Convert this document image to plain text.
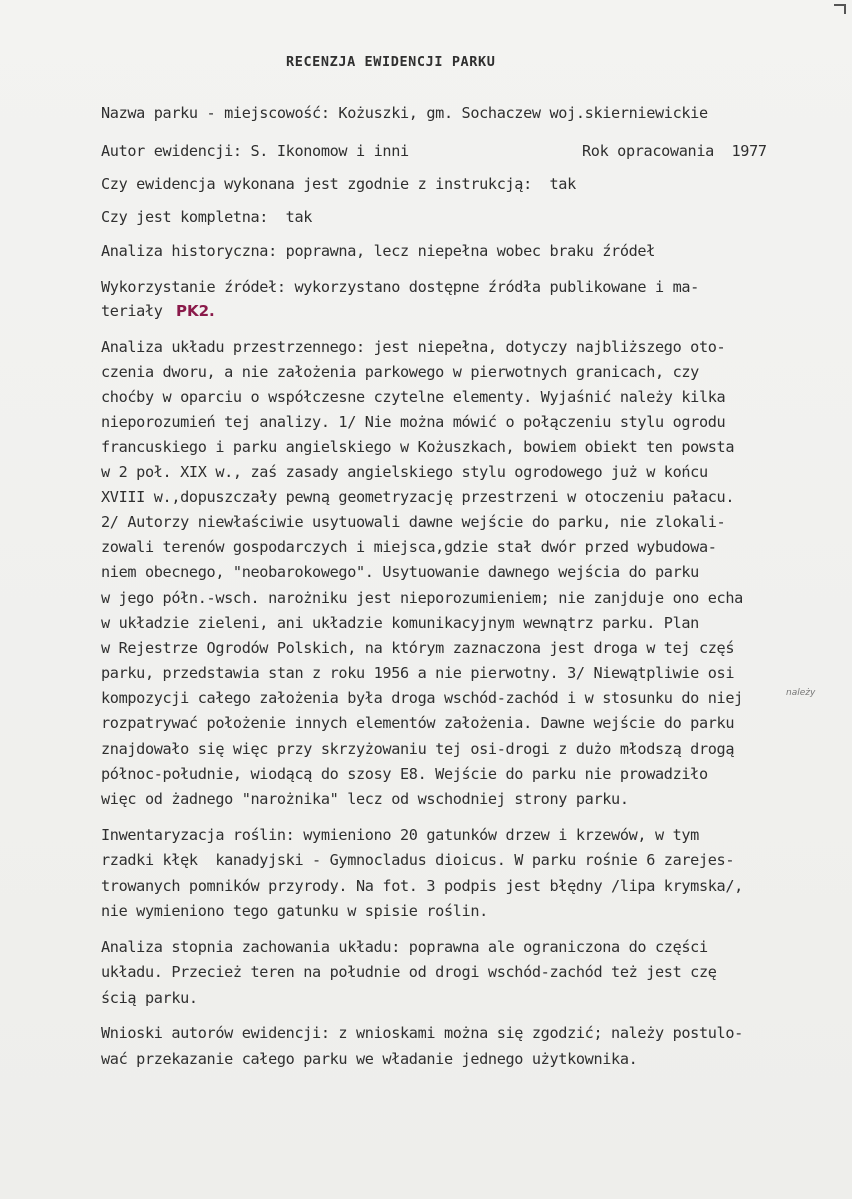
RECENZJA EWIDENCJI PARKU
Nazwa parku - miejscowość: Kożuszki, gm. Sochaczew woj.skierniewickie
Autor ewidencji: S. Ikonomow i inni	Rok opracowania  1977
Czy ewidencja wykonana jest zgodnie z instrukcją:  tak
Czy jest kompletna:  tak
Analiza historyczna: poprawna, lecz niepełna wobec braku źródeł
Wykorzystanie źródeł: wykorzystano dostępne źródła publikowane i ma-
teriały PK2.
Analiza układu przestrzennego: jest niepełna, dotyczy najbliższego oto-
czenia dworu, a nie założenia parkowego w pierwotnych granicach, czy
choćby w oparciu o współczesne czytelne elementy. Wyjaśnić należy kilka
nieporozumień tej analizy. 1/ Nie można mówić o połączeniu stylu ogrodu
francuskiego i parku angielskiego w Kożuszkach, bowiem obiekt ten powsta
w 2 poł. XIX w., zaś zasady angielskiego stylu ogrodowego już w końcu
XVIII w.,dopuszczały pewną geometryzację przestrzeni w otoczeniu pałacu.
2/ Autorzy niewłaściwie usytuowali dawne wejście do parku, nie zlokali-
zowali terenów gospodarczych i miejsca,gdzie stał dwór przed wybudowa-
niem obecnego, "neobarokowego". Usytuowanie dawnego wejścia do parku
w jego półn.-wsch. narożniku jest nieporozumieniem; nie zanjduje ono echa
w układzie zieleni, ani układzie komunikacyjnym wewnątrz parku. Plan
w Rejestrze Ogrodów Polskich, na którym zaznaczona jest droga w tej częś
parku, przedstawia stan z roku 1956 a nie pierwotny. 3/ Niewątpliwie osi
należy
kompozycji całego założenia była droga wschód-zachód i w stosunku do niej
rozpatrywać położenie innych elementów założenia. Dawne wejście do parku
znajdowało się więc przy skrzyżowaniu tej osi-drogi z dużo młodszą drogą
północ-południe, wiodącą do szosy E8. Wejście do parku nie prowadziło
więc od żadnego "narożnika" lecz od wschodniej strony parku.
Inwentaryzacja roślin: wymieniono 20 gatunków drzew i krzewów, w tym
rzadki kłęk  kanadyjski - Gymnocladus dioicus. W parku rośnie 6 zarejes-
trowanych pomników przyrody. Na fot. 3 podpis jest błędny /lipa krymska/,
nie wymieniono tego gatunku w spisie roślin.
Analiza stopnia zachowania układu: poprawna ale ograniczona do części
układu. Przecież teren na południe od drogi wschód-zachód też jest czę
ścią parku.
Wnioski autorów ewidencji: z wnioskami można się zgodzić; należy postulo-
wać przekazanie całego parku we władanie jednego użytkownika.
